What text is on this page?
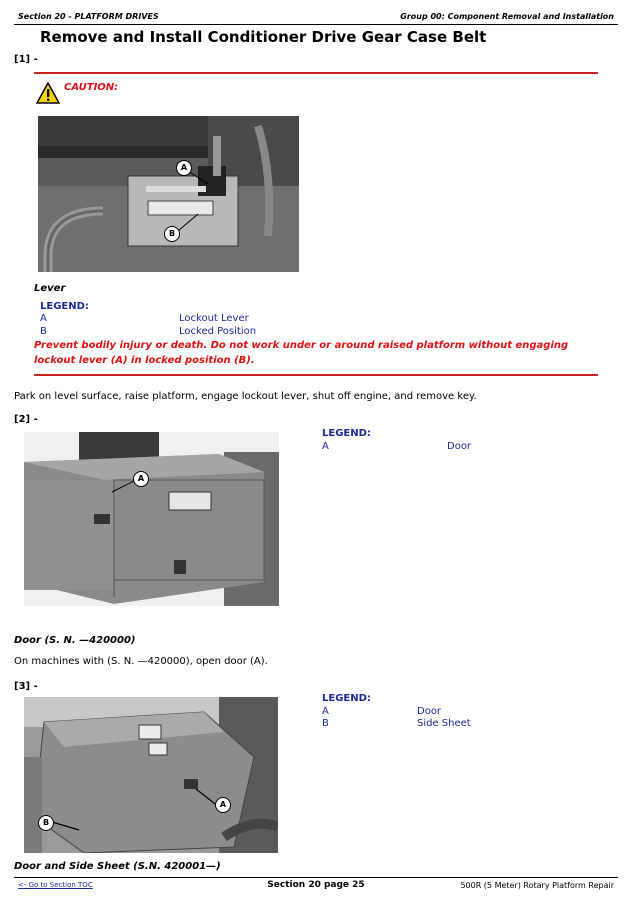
Section 20 - PLATFORM DRIVES	Group 00: Component Removal and Installation
Remove and Install Conditioner Drive Gear Case Belt
[1] -
CAUTION:
A
B
Lever
LEGEND:
A	Lockout Lever
B	Locked Position
Prevent bodily injury or death. Do not work under or around raised platform without engaging lockout lever (A) in locked position (B).
Park on level surface, raise platform, engage lockout lever, shut off engine, and remove key.
[2] -
A
LEGEND:
A	Door
Door (S. N. —420000)
On machines with (S. N. —420000), open door (A).
[3] -
A
B
LEGEND:
A	Door
B	Side Sheet
Door and Side Sheet (S.N. 420001—)
Section 20 page 25
<- Go to Section TOC	500R (5 Meter) Rotary Platform Repair
